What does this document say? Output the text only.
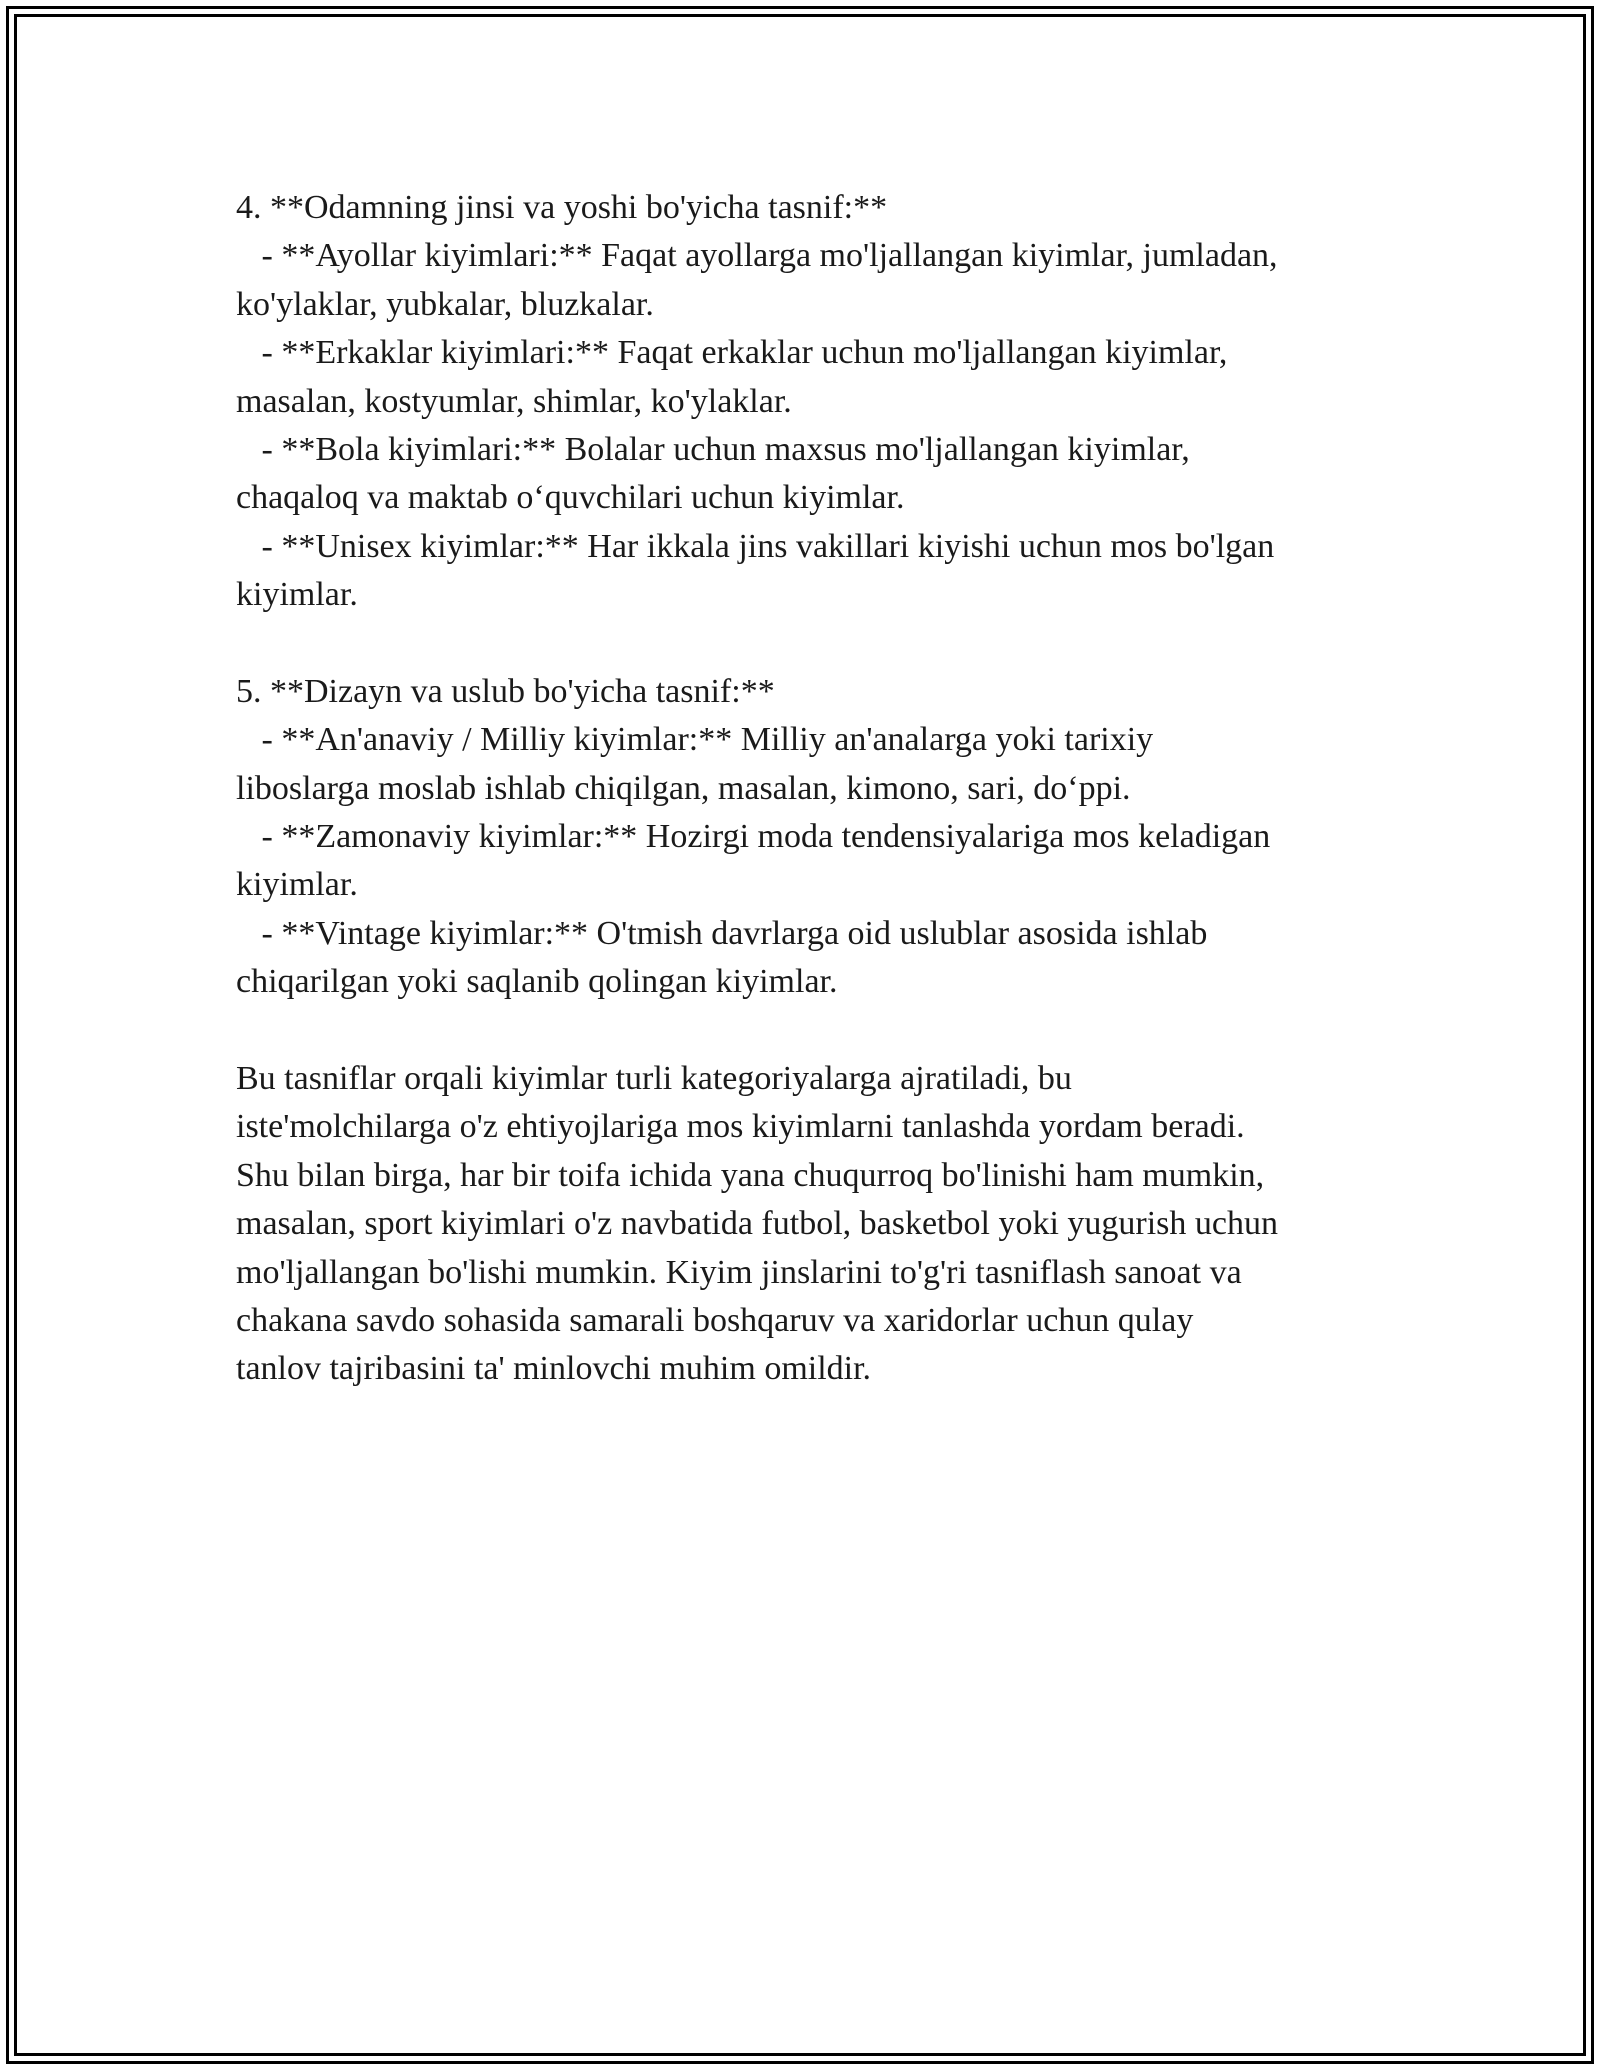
4. **Odamning jinsi va yoshi bo'yicha tasnif:**
- **Ayollar kiyimlari:** Faqat ayollarga mo'ljallangan kiyimlar, jumladan,
ko'ylaklar, yubkalar, bluzkalar.
- **Erkaklar kiyimlari:** Faqat erkaklar uchun mo'ljallangan kiyimlar,
masalan, kostyumlar, shimlar, ko'ylaklar.
- **Bola kiyimlari:** Bolalar uchun maxsus mo'ljallangan kiyimlar,
chaqaloq va maktab o‘quvchilari uchun kiyimlar.
- **Unisex kiyimlar:** Har ikkala jins vakillari kiyishi uchun mos bo'lgan
kiyimlar.
5. **Dizayn va uslub bo'yicha tasnif:**
- **An'anaviy / Milliy kiyimlar:** Milliy an'analarga yoki tarixiy
liboslarga moslab ishlab chiqilgan, masalan, kimono, sari, do‘ppi.
- **Zamonaviy kiyimlar:** Hozirgi moda tendensiyalariga mos keladigan
kiyimlar.
- **Vintage kiyimlar:** O'tmish davrlarga oid uslublar asosida ishlab
chiqarilgan yoki saqlanib qolingan kiyimlar.
Bu tasniflar orqali kiyimlar turli kategoriyalarga ajratiladi, bu
iste'molchilarga o'z ehtiyojlariga mos kiyimlarni tanlashda yordam beradi.
Shu bilan birga, har bir toifa ichida yana chuqurroq bo'linishi ham mumkin,
masalan, sport kiyimlari o'z navbatida futbol, basketbol yoki yugurish uchun
mo'ljallangan bo'lishi mumkin. Kiyim jinslarini to'g'ri tasniflash sanoat va
chakana savdo sohasida samarali boshqaruv va xaridorlar uchun qulay
tanlov tajribasini ta' minlovchi muhim omildir.
